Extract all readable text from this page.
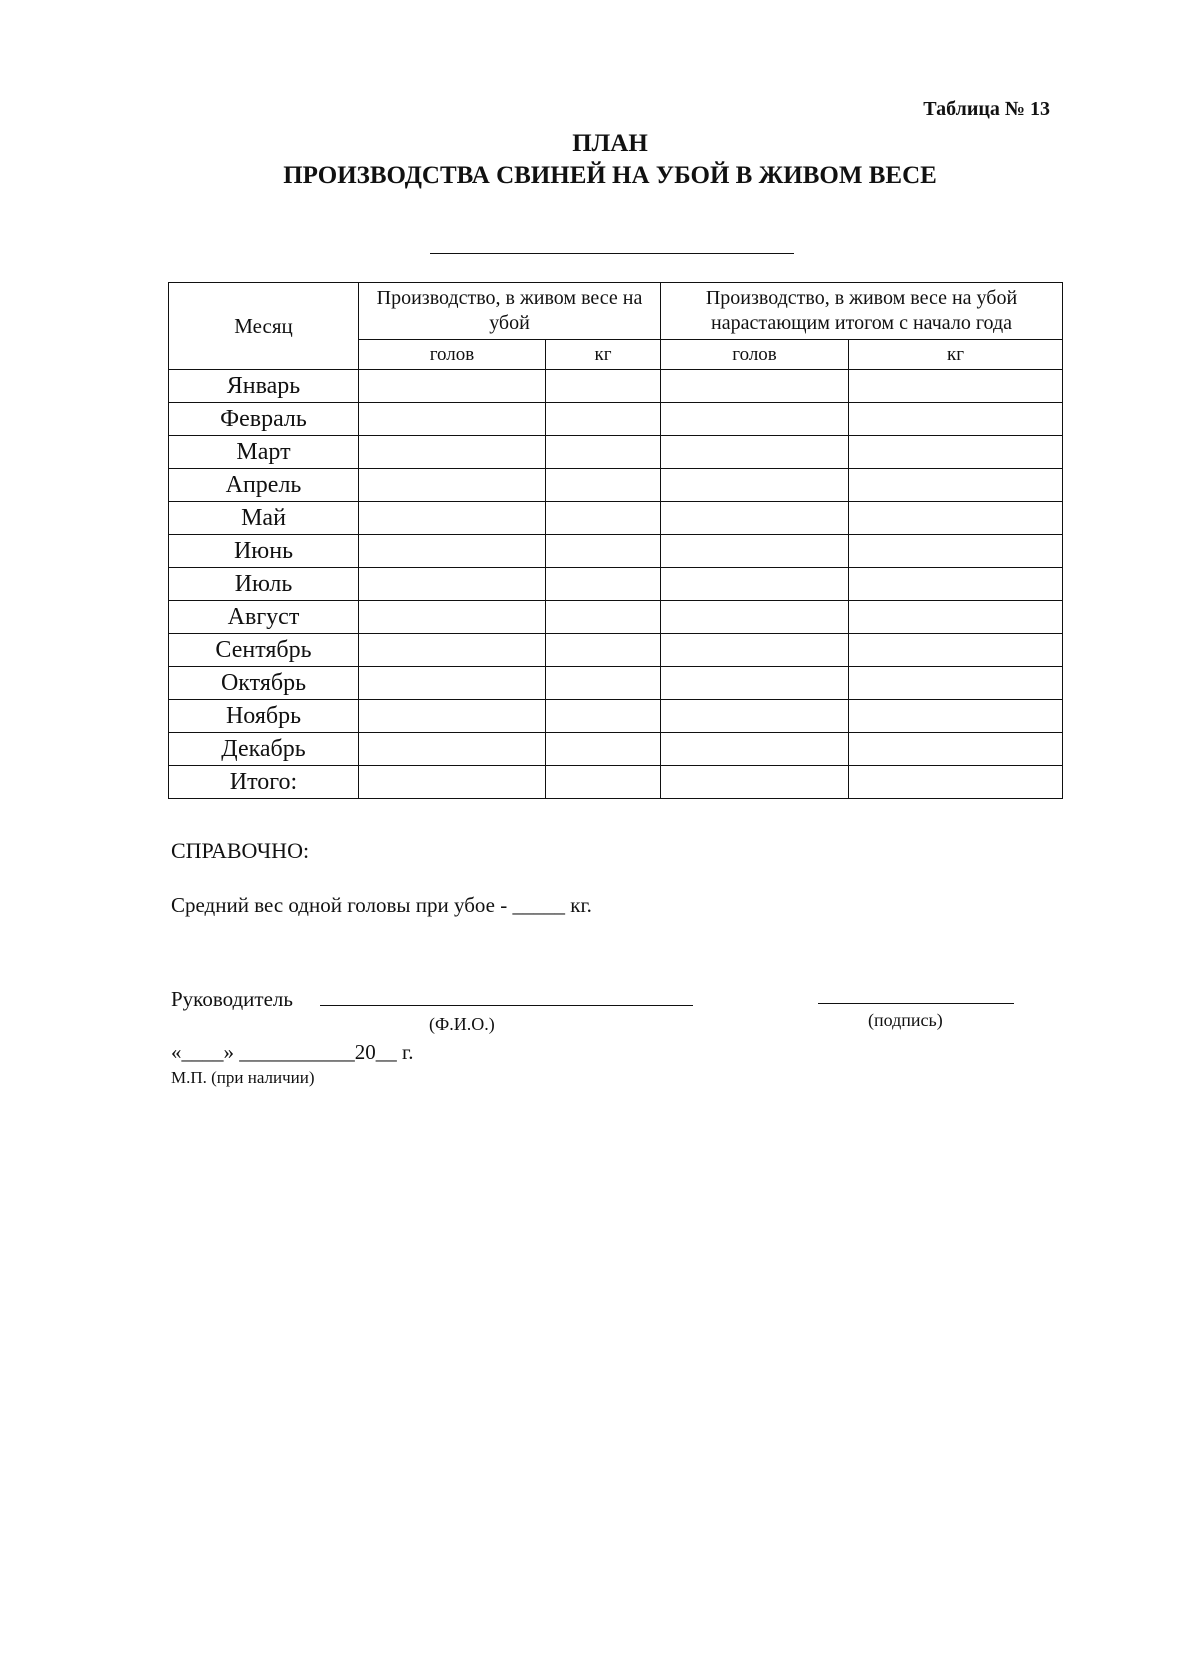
Таблица № 13
ПЛАН
ПРОИЗВОДСТВА СВИНЕЙ НА УБОЙ В ЖИВОМ ВЕСЕ
Месяц	Производство, в живом весе на убой		Производство, в живом весе на убой нарастающим итогом с начало года	
	голов	кг	голов	кг
Январь				
Февраль				
Март				
Апрель				
Май				
Июнь				
Июль				
Август				
Сентябрь				
Октябрь				
Ноябрь				
Декабрь				
Итого:				
СПРАВОЧНО:
Средний вес одной головы при убое - _____ кг.
Руководитель
(Ф.И.О.)	(подпись)
«____» ___________20__ г.
М.П. (при наличии)
